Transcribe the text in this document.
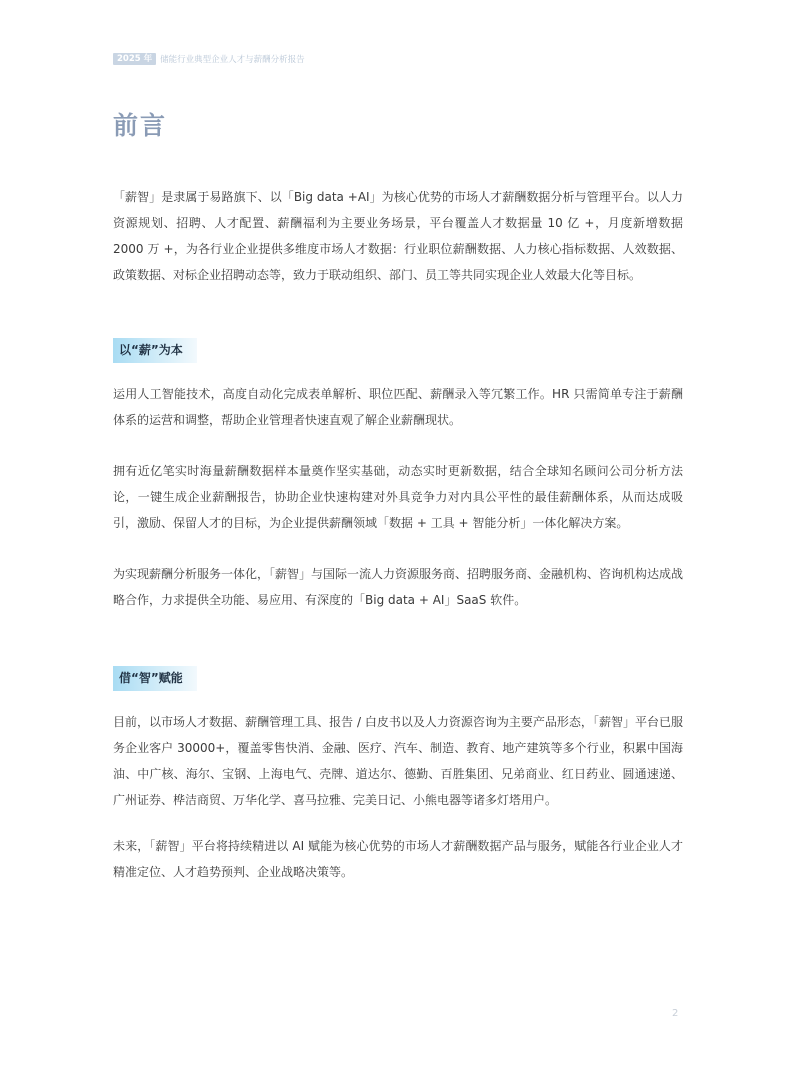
2025 年 储能行业典型企业人才与薪酬分析报告
前言

「薪智」是隶属于易路旗下、以「Big data +AI」为核心优势的市场人才薪酬数据分析与管理平台。以人力资源规划、招聘、人才配置、薪酬福利为主要业务场景，平台覆盖人才数据量 10 亿 +，月度新增数据 2000 万 +，为各行业企业提供多维度市场人才数据：行业职位薪酬数据、人力核心指标数据、人效数据、政策数据、对标企业招聘动态等，致力于联动组织、部门、员工等共同实现企业人效最大化等目标。

以“薪”为本

运用人工智能技术，高度自动化完成表单解析、职位匹配、薪酬录入等冗繁工作。HR 只需简单专注于薪酬体系的运营和调整，帮助企业管理者快速直观了解企业薪酬现状。

拥有近亿笔实时海量薪酬数据样本量奠作坚实基础，动态实时更新数据，结合全球知名顾问公司分析方法论，一键生成企业薪酬报告，协助企业快速构建对外具竞争力对内具公平性的最佳薪酬体系，从而达成吸引，激励、保留人才的目标，为企业提供薪酬领域「数据 + 工具 + 智能分析」一体化解决方案。

为实现薪酬分析服务一体化，「薪智」与国际一流人力资源服务商、招聘服务商、金融机构、咨询机构达成战略合作，力求提供全功能、易应用、有深度的「Big data + AI」SaaS 软件。

借“智”赋能

目前，以市场人才数据、薪酬管理工具、报告 / 白皮书以及人力资源咨询为主要产品形态，「薪智」平台已服务企业客户 30000+，覆盖零售快消、金融、医疗、汽车、制造、教育、地产建筑等多个行业，积累中国海油、中广核、海尔、宝钢、上海电气、壳牌、道达尔、德勤、百胜集团、兄弟商业、红日药业、圆通速递、广州证券、桦洁商贸、万华化学、喜马拉雅、完美日记、小熊电器等诸多灯塔用户。

未来，「薪智」平台将持续精进以 AI 赋能为核心优势的市场人才薪酬数据产品与服务，赋能各行业企业人才精准定位、人才趋势预判、企业战略决策等。

2
